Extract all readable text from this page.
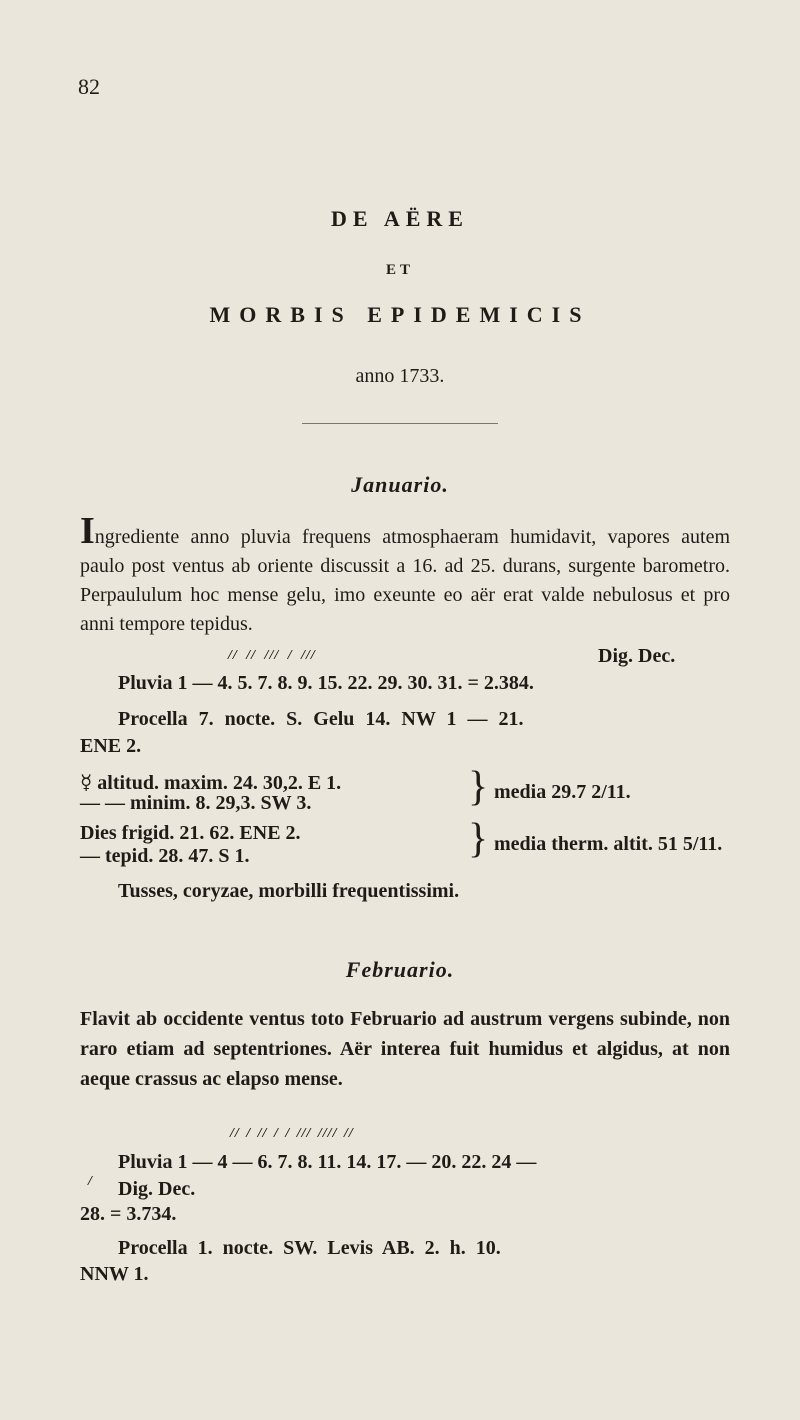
82
DE AËRE
ET
MORBIS EPIDEMICIS
anno 1733.
Januario.
Ingrediente anno pluvia frequens atmosphaeram humidavit, vapores autem paulo post ventus ab oriente discussit a 16. ad 25. durans, surgente barometro. Perpaululum hoc mense gelu, imo exeunte eo aër erat valde nebulosus et pro anni tempore tepidus.
// // /// / ///	Dig. Dec.
Pluvia 1 — 4. 5. 7. 8. 9. 15. 22. 29. 30. 31. = 2.384.
Procella 7. nocte. S. Gelu 14. NW 1 — 21.
ENE 2.
☿ altitud. maxim. 24. 30,2. E 1.
— — minim. 8. 29,3. SW 3.	} media 29.7 2/11.
Dies frigid. 21. 62. ENE 2.
— tepid. 28. 47. S 1.	} media therm. altit. 51 5/11.
Tusses, coryzae, morbilli frequentissimi.
Februario.
Flavit ab occidente ventus toto Februario ad austrum vergens subinde, non raro etiam ad septentriones. Aër interea fuit humidus et algidus, at non aeque crassus ac elapso mense.
// / // / / /// //// //
Pluvia 1 — 4 — 6. 7. 8. 11. 14. 17. — 20. 22. 24 —
/ Dig. Dec.
28. = 3.734.
Procella 1. nocte. SW. Levis AB. 2. h. 10.
NNW 1.
